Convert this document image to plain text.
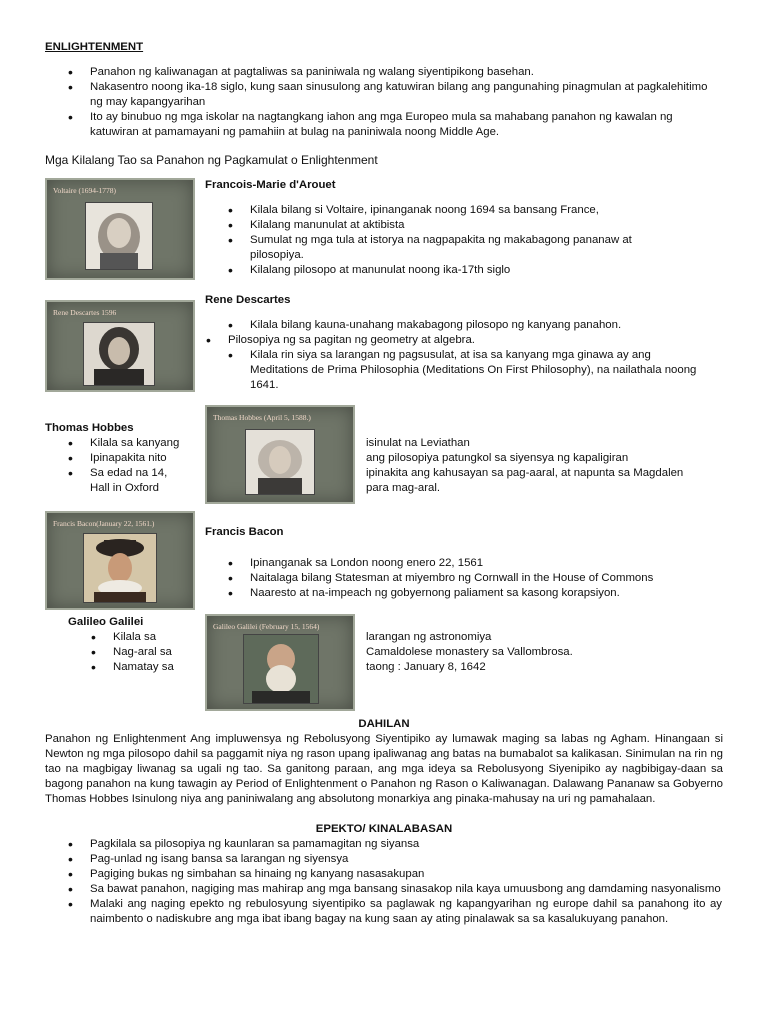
ENLIGHTENMENT
• Panahon ng kaliwanagan at pagtaliwas sa paniniwala ng walang siyentipikong basehan.
• Nakasentro noong ika-18 siglo, kung saan sinusulong ang katuwiran bilang ang pangunahing pinagmulan at pagkalehitimo ng may kapangyarihan
• Ito ay binubuo ng mga iskolar na nagtangkang iahon ang mga Europeo mula sa mahabang panahon ng kawalan ng katuwiran at pamamayani ng pamahiin at bulag na paniniwala noong Middle Age.
Mga Kilalang Tao sa Panahon ng Pagkamulat o Enlightenment
Voltaire (1694-1778)	Francois-Marie d'Arouet
• Kilala bilang si Voltaire, ipinanganak noong 1694 sa bansang France,
• Kilalang manunulat at aktibista
• Sumulat ng mga tula at istorya na nagpapakita ng makabagong pananaw at pilosopiya.
• Kilalang pilosopo at manunulat noong ika-17th siglo
Rene Descartes
Rene Descartes 1596
• Kilala bilang kauna-unahang makabagong pilosopo ng kanyang panahon.
• Pilosopiya ng sa pagitan ng geometry at algebra.
• Kilala rin siya sa larangan ng pagsusulat, at isa sa kanyang mga ginawa ay ang Meditations de Prima Philosophia (Meditations On First Philosophy), na nailathala noong 1641.
Thomas Hobbes
• Kilala sa kanyang
• Ipinapakita nito
• Sa edad na 14,
Hall in Oxford
Thomas Hobbes (April 5, 1588.)
isinulat na Leviathan
ang pilosopiya patungkol sa siyensya ng kapaligiran
ipinakita ang kahusayan sa pag-aaral, at napunta sa Magdalen
para mag-aral.
Francis Bacon(January 22, 1561.)
Francis Bacon
• Ipinanganak sa London noong enero 22, 1561
• Naitalaga bilang Statesman at miyembro ng Cornwall in the House of Commons
• Naaresto at na-impeach ng gobyernong paliament sa kasong korapsiyon.
Galileo Galilei
• Kilala sa
• Nag-aral sa
• Namatay sa
Galileo Galilei (February 15, 1564)
larangan ng astronomiya
Camaldolese monastery sa Vallombrosa.
taong : January 8, 1642
DAHILAN
Panahon ng Enlightenment Ang impluwensya ng Rebolusyong Siyentipiko ay lumawak maging sa labas ng Agham. Hinangaan si Newton ng mga pilosopo dahil sa paggamit niya ng rason upang ipaliwanag ang batas na bumabalot sa kalikasan. Sinimulan na rin ng tao na magbigay liwanag sa ugali ng tao. Sa ganitong paraan, ang mga ideya sa Rebolusyong Siyenipiko ay nagbibigay-daan sa bagong panahon na kung tawagin ay Period of Enlightenment o Panahon ng Rason o Kaliwanagan. Dalawang Pananaw sa Gobyerno Thomas Hobbes Isinulong niya ang paniniwalang ang absolutong monarkiya ang pinaka-mahusay na uri ng pamahalaan.
EPEKTO/ KINALABASAN
• Pagkilala sa pilosopiya ng kaunlaran sa pamamagitan ng siyansa
• Pag-unlad ng isang bansa sa larangan ng siyensya
• Pagiging bukas ng simbahan sa hinaing ng kanyang nasasakupan
• Sa bawat panahon, nagiging mas mahirap ang mga bansang sinasakop nila kaya umuusbong ang damdaming nasyonalismo
• Malaki ang naging epekto ng rebulosyung siyentipiko sa paglawak ng kapangyarihan ng europe dahil sa panahong ito ay naimbento o nadiskubre ang mga ibat ibang bagay na kung saan ay ating pinalawak sa sa kasalukuyang panahon.
